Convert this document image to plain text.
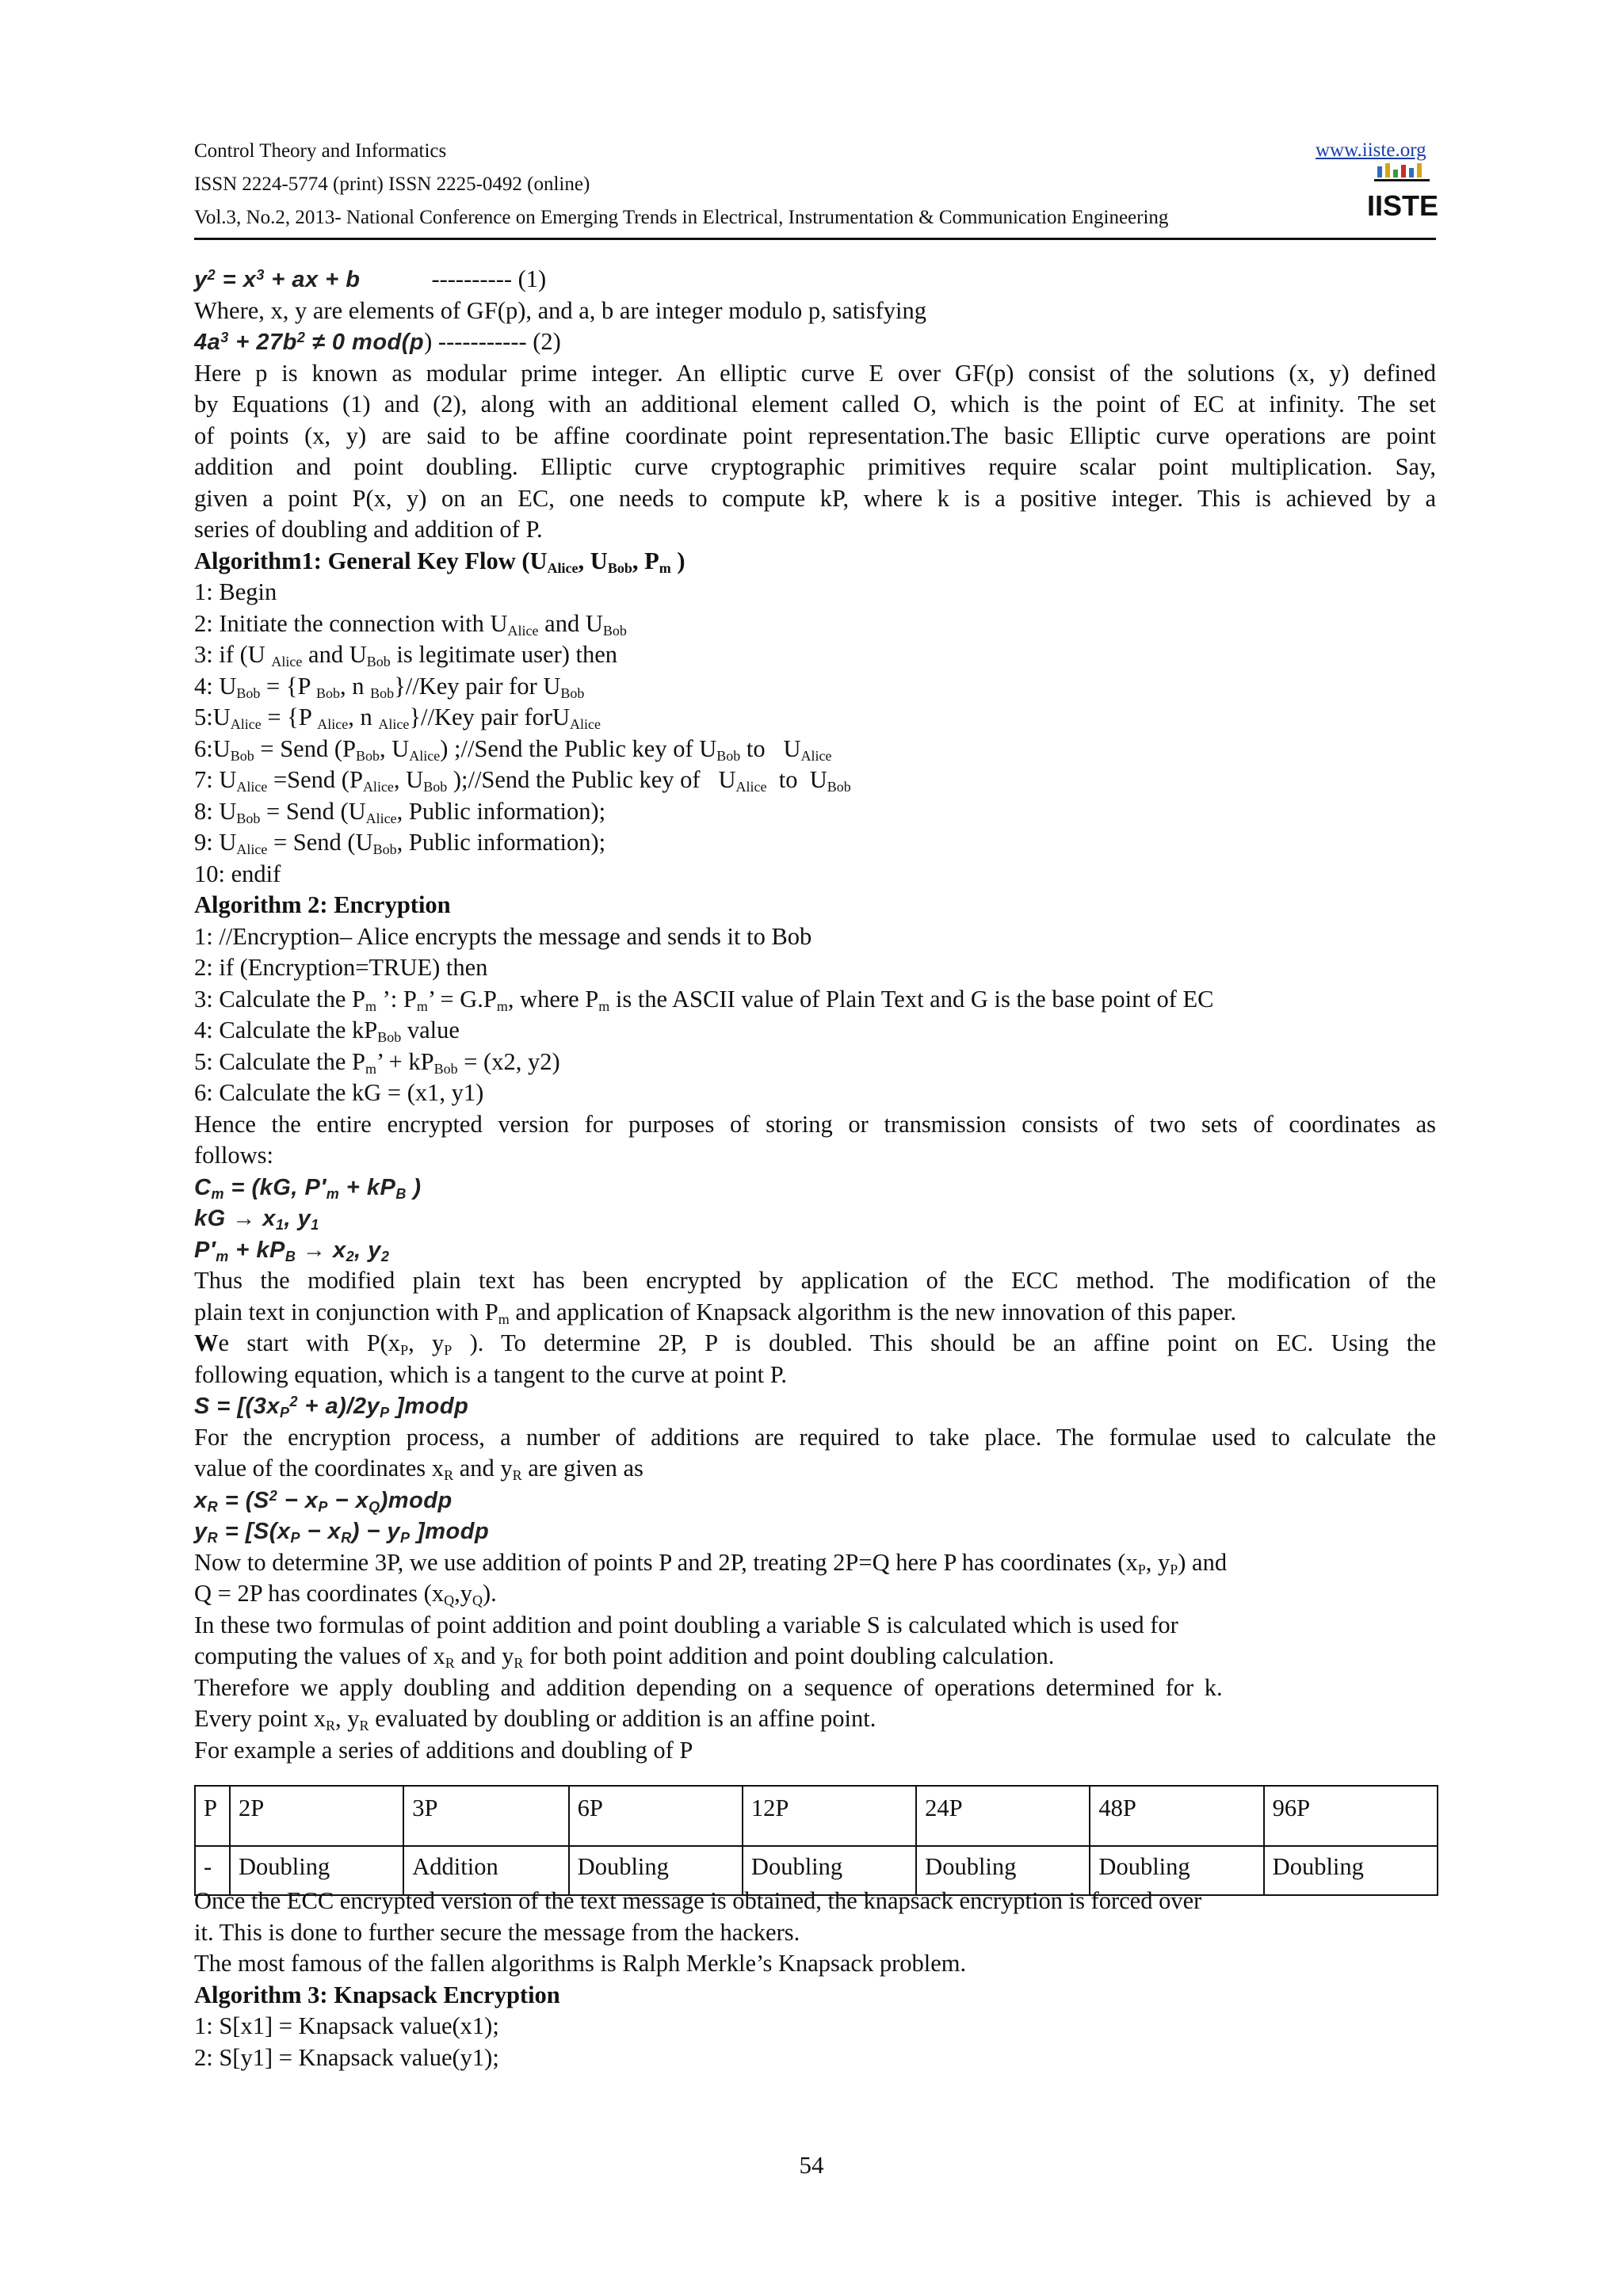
Control Theory and Informatics
ISSN 2224-5774 (print) ISSN 2225-0492 (online)
Vol.3, No.2, 2013- National Conference on Emerging Trends in Electrical, Instrumentation & Communication Engineering
www.iiste.org
IISTE
$y^2 = x^3$ + ax + b	---------- (1)
Where, x, y are elements of GF(p), and a, b are integer modulo p, satisfying
$4a^3 + 27b^2 \ne 0$ mod(p) ----------- (2)
Here p is known as modular prime integer. An elliptic curve E over GF(p) consist of the solutions (x, y) defined
by Equations (1) and (2), along with an additional element called O, which is the point of EC at infinity. The set
of points (x, y) are said to be affine coordinate point representation.The basic Elliptic curve operations are point
addition and point doubling. Elliptic curve cryptographic primitives require scalar point multiplication. Say,
given a point P(x, y) on an EC, one needs to compute kP, where k is a positive integer. This is achieved by a
series of doubling and addition of P.
Algorithm1: General Key Flow ($U_{Alice}$, $U_{Bob}$, $P_m$ )
1: Begin
2: Initiate the connection with $U_{Alice}$ and $U_{Bob}$
3: if (U $_{Alice}$ and $U_{Bob}$ is legitimate user) then
4: $U_{Bob} = \{P$ $_{Bob}$, n $_{Bob}$}//Key pair for $U_{Bob}$
$5:U_{Alice} = \{P$ $_{Alice}$, n $_{Alice}$}//Key pair forU$_{Alice}$
$6:U_{Bob}$ = Send ($P_{Bob}$, $U_{Alice}$) ;//Send the Public key of $U_{Bob}$ to   $U_{Alice}$
7: $U_{Alice}$ =Send ($P_{Alice}$, $U_{Bob}$ );//Send the Public key of   $U_{Alice}$  to  $U_{Bob}$
8: $U_{Bob}$ = Send ($U_{Alice}$, Public information);
9: $U_{Alice}$ = Send ($U_{Bob}$, Public information);
10: endif
Algorithm 2: Encryption
1: //Encryption– Alice encrypts the message and sends it to Bob
2: if (Encryption=TRUE) then
3: Calculate the $P_m$ ’: $P_m$’ = $G.P_m$, where $P_m$ is the ASCII value of Plain Text and G is the base point of EC
4: Calculate the $kP_{Bob}$ value
5: Calculate the $P_m$’ + $kP_{Bob} = (x2$, y2)
6: Calculate the kG = (x1, y1)
Hence the entire encrypted version for purposes of storing or transmission consists of two sets of coordinates as
follows:
$C_m = (kG$, $P'_m + kP_B$ )
kG → $x_1$, $y_1$
$P'_m + kP_B \to x_2$, $y_2$
Thus the modified plain text has been encrypted by application of the ECC method. The modification of the
plain text in conjunction with $P_m$ and application of Knapsack algorithm is the new innovation of this paper.
We start with $P(x_P$, $y_P$ ). To determine 2P, P is doubled. This should be an affine point on EC. Using the
following equation, which is a tangent to the curve at point P.
$S = [(3x_P^2 + a)/2y_P$ ]modp
For the encryption process, a number of additions are required to take place. The formulae used to calculate the
value of the coordinates $x_R$ and $y_R$ are given as
$x_R = (S^2 - x_P$ − $x_Q)modp$
$y_R = [S(x_P - x_R) - y_P$ ]modp
Now to determine 3P, we use addition of points P and 2P, treating 2P=Q here P has coordinates ($x_P$, $y_P$) and
Q = 2P has coordinates $(x_Q,y_Q)$.
In these two formulas of point addition and point doubling a variable S is calculated which is used for
computing the values of $x_R$ and $y_R$ for both point addition and point doubling calculation.
Therefore we apply doubling and addition depending on a sequence of operations determined for k.
Every point $x_R$, $y_R$ evaluated by doubling or addition is an affine point.
For example a series of additions and doubling of P
P	2P	3P	6P	12P	24P	48P	96P
-	Doubling	Addition	Doubling	Doubling	Doubling	Doubling	Doubling
Once the ECC encrypted version of the text message is obtained, the knapsack encryption is forced over
it. This is done to further secure the message from the hackers.
The most famous of the fallen algorithms is Ralph Merkle’s Knapsack problem.
Algorithm 3: Knapsack Encryption
1: S[x1] = Knapsack value(x1);
2: S[y1] = Knapsack value(y1);
54
